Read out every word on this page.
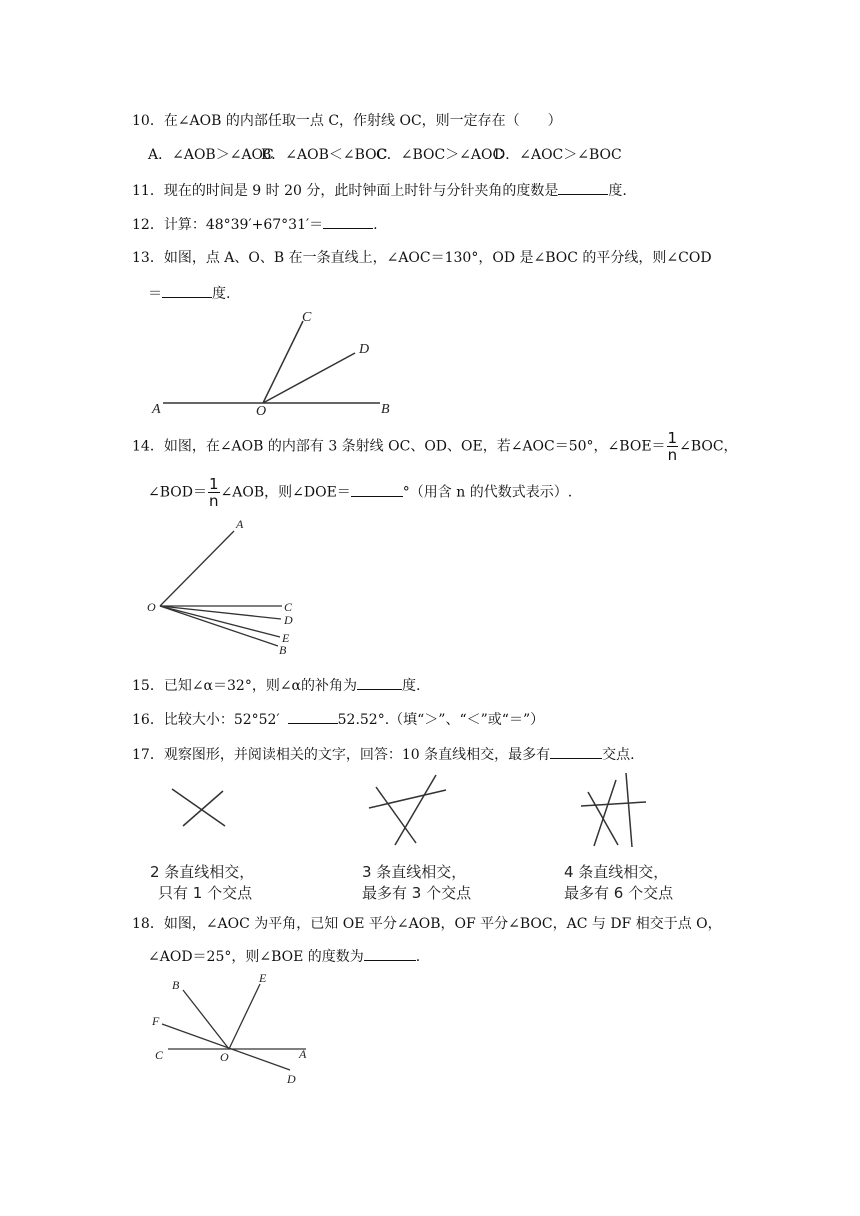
10．在∠AOB 的内部任取一点 C，作射线 OC，则一定存在（　　）
A．∠AOB＞∠AOCB．∠AOB＜∠BOCC．∠BOC＞∠AOCD．∠AOC＞∠BOC
11．现在的时间是 9 时 20 分，此时钟面上时针与分针夹角的度数是	度.
12．计算：48°39′+67°31′＝	.
13．如图，点 A、O、B 在一条直线上，∠AOC＝130°，OD 是∠BOC 的平分线，则∠COD
＝	度.
C
D
A	O	B
14．如图，在∠AOB 的内部有 3 条射线 OC、OD、OE，若∠AOC＝50°，∠BOE＝ $\frac{1}{n}$ ∠BOC，
∠BOD＝ $\frac{1}{n}$ ∠AOB，则∠DOE＝	°（用含 n 的代数式表示）.
A
O	C
D
E
B
15．已知∠α＝32°，则∠α的补角为	度.
16．比较大小：52°52′	52.52°.（填“＞”、“＜”或“＝”）
17．观察图形，并阅读相关的文字，回答：10 条直线相交，最多有	交点.
2 条直线相交，
只有 1 个交点
3 条直线相交，
最多有 3 个交点
4 条直线相交，
最多有 6 个交点
18．如图，∠AOC 为平角，已知 OE 平分∠AOB，OF 平分∠BOC，AC 与 DF 相交于点 O，
∠AOD＝25°，则∠BOE 的度数为	.
B	E
F
C	O	A
D
